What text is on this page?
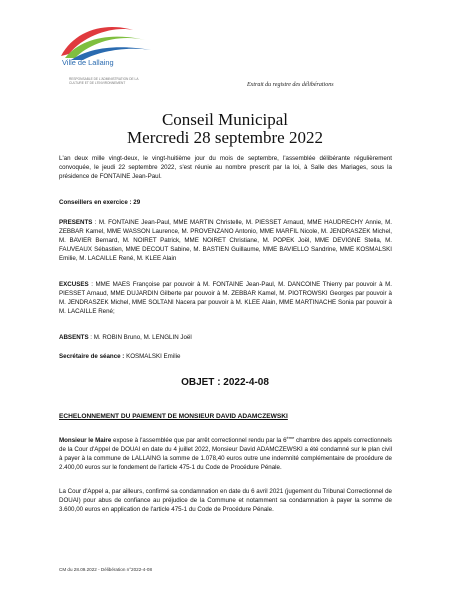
Ville de Lallaing
RESPONSABLE DE L'ADMINISTRATION DE LA CULTURE ET DE L'ENVIRONNEMENT	Extrait du registre des délibérations
Conseil Municipal
Mercredi 28 septembre 2022
L'an deux mille vingt-deux, le vingt-huitième jour du mois de septembre, l'assemblée délibérante régulièrement convoquée, le jeudi 22 septembre 2022, s'est réunie au nombre prescrit par la loi, à Salle des Mariages, sous la présidence de FONTAINE Jean-Paul.
Conseillers en exercice : 29
PRESENTS : M. FONTAINE Jean-Paul, MME MARTIN Christelle, M. PIESSET Arnaud, MME HAUDRECHY Annie, M. ZEBBAR Kamel, MME WASSON Laurence, M. PROVENZANO Antonio, MME MARFIL Nicole, M. JENDRASZEK Michel, M. BAVIER Bernard, M. NOIRET Patrick, MME NOIRET Christiane, M. POPEK Joël, MME DEVIGNE Stella, M. FAUVEAUX Sébastien, MME DECOUT Sabine, M. BASTIEN Guillaume, MME BAVIELLO Sandrine, MME KOSMALSKI Emilie, M. LACAILLE René, M. KLEE Alain
EXCUSES : MME MAES Françoise par pouvoir à M. FONTAINE Jean-Paul, M. DANCOINE Thierry par pouvoir à M. PIESSET Arnaud, MME DUJARDIN Gilberte par pouvoir à M. ZEBBAR Kamel, M. PIOTROWSKI Georges par pouvoir à M. JENDRASZEK Michel, MME SOLTANI Nacera par pouvoir à M. KLEE Alain, MME MARTINACHE Sonia par pouvoir à M. LACAILLE René;
ABSENTS : M. ROBIN Bruno, M. LENGLIN Joël
Secrétaire de séance : KOSMALSKI Emilie
OBJET : 2022-4-08
ECHELONNEMENT DU PAIEMENT DE MONSIEUR DAVID ADAMCZEWSKI
Monsieur le Maire expose à l'assemblée que par arrêt correctionnel rendu par la 6ème chambre des appels correctionnels de la Cour d'Appel de DOUAI en date du 4 juillet 2022, Monsieur David ADAMCZEWSKI a été condamné sur le plan civil à payer à la commune de LALLAING la somme de 1.078,40 euros outre une indemnité complémentaire de procédure de 2.400,00 euros sur le fondement de l'article 475-1 du Code de Procédure Pénale.
La Cour d'Appel a, par ailleurs, confirmé sa condamnation en date du 6 avril 2021 (jugement du Tribunal Correctionnel de DOUAI) pour abus de confiance au préjudice de la Commune et notamment sa condamnation à payer la somme de 3.600,00 euros en application de l'article 475-1 du Code de Procédure Pénale.
CM du 28.09.2022 - Délibération n°2022-4-08
